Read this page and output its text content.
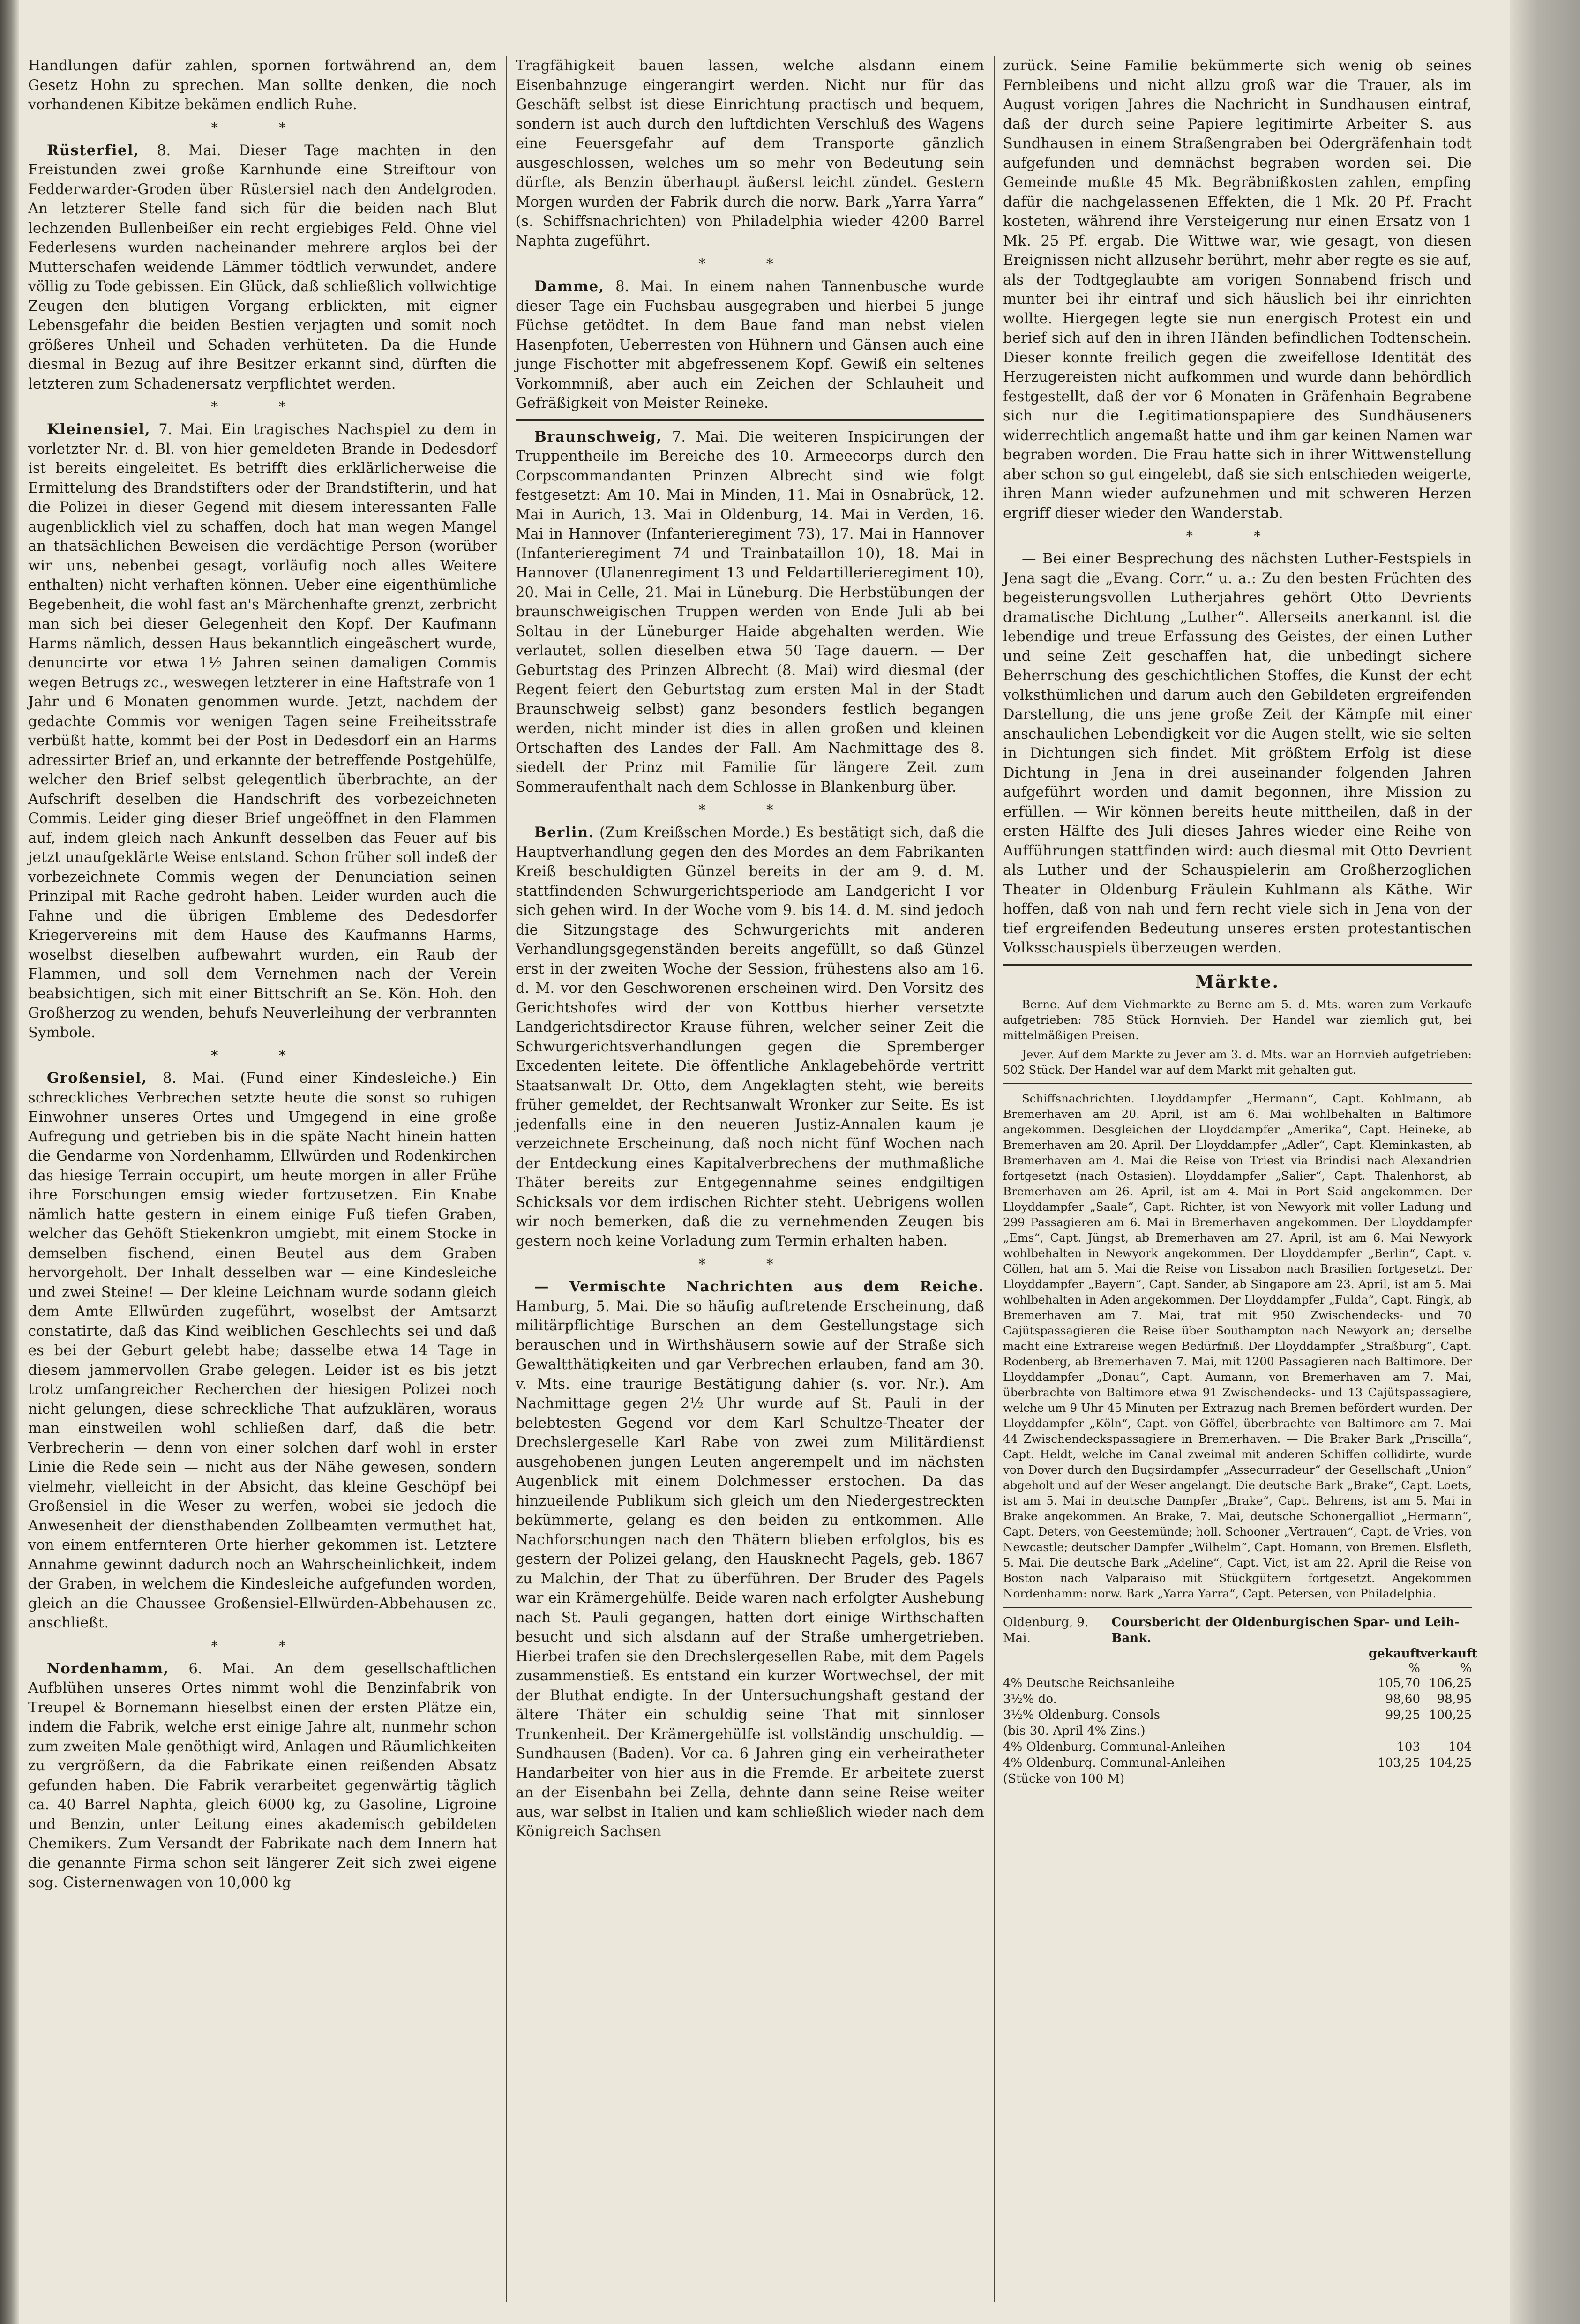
Handlungen dafür zahlen, spornen fortwährend an, dem Gesetz Hohn zu sprechen. Man sollte denken, die noch vorhandenen Kibitze bekämen endlich Ruhe.

* *

Rüsterfiel, 8. Mai. Dieser Tage machten in den Freistunden zwei große Karnhunde eine Streiftour von Fedderwarder-Groden über Rüstersiel nach den Andelgroden. An letzterer Stelle fand sich für die beiden nach Blut lechzenden Bullenbeißer ein recht ergiebiges Feld. Ohne viel Federlesens wurden nacheinander mehrere arglos bei der Mutterschafen weidende Lämmer tödtlich verwundet, andere völlig zu Tode gebissen. Ein Glück, daß schließlich vollwichtige Zeugen den blutigen Vorgang erblickten, mit eigner Lebensgefahr die beiden Bestien verjagten und somit noch größeres Unheil und Schaden verhüteten. Da die Hunde diesmal in Bezug auf ihre Besitzer erkannt sind, dürften die letzteren zum Schadenersatz verpflichtet werden.

* *

Kleinensiel, 7. Mai. Ein tragisches Nachspiel zu dem in vorletzter Nr. d. Bl. von hier gemeldeten Brande in Dedesdorf ist bereits eingeleitet. Es betrifft dies erklärlicherweise die Ermittelung des Brandstifters oder der Brandstifterin, und hat die Polizei in dieser Gegend mit diesem interessanten Falle augenblicklich viel zu schaffen, doch hat man wegen Mangel an thatsächlichen Beweisen die verdächtige Person (worüber wir uns, nebenbei gesagt, vorläufig noch alles Weitere enthalten) nicht verhaften können. Ueber eine eigenthümliche Begebenheit, die wohl fast an's Märchenhafte grenzt, zerbricht man sich bei dieser Gelegenheit den Kopf. Der Kaufmann Harms nämlich, dessen Haus bekanntlich eingeäschert wurde, denuncirte vor etwa 1½ Jahren seinen damaligen Commis wegen Betrugs zc., weswegen letzterer in eine Haftstrafe von 1 Jahr und 6 Monaten genommen wurde. Jetzt, nachdem der gedachte Commis vor wenigen Tagen seine Freiheitsstrafe verbüßt hatte, kommt bei der Post in Dedesdorf ein an Harms adressirter Brief an, und erkannte der betreffende Postgehülfe, welcher den Brief selbst gelegentlich überbrachte, an der Aufschrift deselben die Handschrift des vorbezeichneten Commis. Leider ging dieser Brief ungeöffnet in den Flammen auf, indem gleich nach Ankunft desselben das Feuer auf bis jetzt unaufgeklärte Weise entstand. Schon früher soll indeß der vorbezeichnete Commis wegen der Denunciation seinen Prinzipal mit Rache gedroht haben. Leider wurden auch die Fahne und die übrigen Embleme des Dedesdorfer Kriegervereins mit dem Hause des Kaufmanns Harms, woselbst dieselben aufbewahrt wurden, ein Raub der Flammen, und soll dem Vernehmen nach der Verein beabsichtigen, sich mit einer Bittschrift an Se. Kön. Hoh. den Großherzog zu wenden, behufs Neuverleihung der verbrannten Symbole.

* *

Großensiel, 8. Mai. (Fund einer Kindesleiche.) Ein schreckliches Verbrechen setzte heute die sonst so ruhigen Einwohner unseres Ortes und Umgegend in eine große Aufregung und getrieben bis in die späte Nacht hinein hatten die Gendarme von Nordenhamm, Ellwürden und Rodenkirchen das hiesige Terrain occupirt, um heute morgen in aller Frühe ihre Forschungen emsig wieder fortzusetzen. Ein Knabe nämlich hatte gestern in einem einige Fuß tiefen Graben, welcher das Gehöft Stiekenkron umgiebt, mit einem Stocke in demselben fischend, einen Beutel aus dem Graben hervorgeholt. Der Inhalt desselben war — eine Kindesleiche und zwei Steine! — Der kleine Leichnam wurde sodann gleich dem Amte Ellwürden zugeführt, woselbst der Amtsarzt constatirte, daß das Kind weiblichen Geschlechts sei und daß es bei der Geburt gelebt habe; dasselbe etwa 14 Tage in diesem jammervollen Grabe gelegen. Leider ist es bis jetzt trotz umfangreicher Recherchen der hiesigen Polizei noch nicht gelungen, diese schreckliche That aufzuklären, woraus man einstweilen wohl schließen darf, daß die betr. Verbrecherin — denn von einer solchen darf wohl in erster Linie die Rede sein — nicht aus der Nähe gewesen, sondern vielmehr, vielleicht in der Absicht, das kleine Geschöpf bei Großensiel in die Weser zu werfen, wobei sie jedoch die Anwesenheit der diensthabenden Zollbeamten vermuthet hat, von einem entfernteren Orte hierher gekommen ist. Letztere Annahme gewinnt dadurch noch an Wahrscheinlichkeit, indem der Graben, in welchem die Kindesleiche aufgefunden worden, gleich an die Chaussee Großensiel-Ellwürden-Abbehausen zc. anschließt.

* *

Nordenhamm, 6. Mai. An dem gesellschaftlichen Aufblühen unseres Ortes nimmt wohl die Benzinfabrik von Treupel & Bornemann hieselbst einen der ersten Plätze ein, indem die Fabrik, welche erst einige Jahre alt, nunmehr schon zum zweiten Male genöthigt wird, Anlagen und Räumlichkeiten zu vergrößern, da die Fabrikate einen reißenden Absatz gefunden haben. Die Fabrik verarbeitet gegenwärtig täglich ca. 40 Barrel Naphta, gleich 6000 kg, zu Gasoline, Ligroine und Benzin, unter Leitung eines akademisch gebildeten Chemikers. Zum Versandt der Fabrikate nach dem Innern hat die genannte Firma schon seit längerer Zeit sich zwei eigene sog. Cisternenwagen von 10,000 kg

Tragfähigkeit bauen lassen, welche alsdann einem Eisenbahnzuge eingerangirt werden. Nicht nur für das Geschäft selbst ist diese Einrichtung practisch und bequem, sondern ist auch durch den luftdichten Verschluß des Wagens eine Feuersgefahr auf dem Transporte gänzlich ausgeschlossen, welches um so mehr von Bedeutung sein dürfte, als Benzin überhaupt äußerst leicht zündet. Gestern Morgen wurden der Fabrik durch die norw. Bark „Yarra Yarra“ (s. Schiffsnachrichten) von Philadelphia wieder 4200 Barrel Naphta zugeführt.

* *

Damme, 8. Mai. In einem nahen Tannenbusche wurde dieser Tage ein Fuchsbau ausgegraben und hierbei 5 junge Füchse getödtet. In dem Baue fand man nebst vielen Hasenpfoten, Ueberresten von Hühnern und Gänsen auch eine junge Fischotter mit abgefressenem Kopf. Gewiß ein seltenes Vorkommniß, aber auch ein Zeichen der Schlauheit und Gefräßigkeit von Meister Reineke.

Braunschweig, 7. Mai. Die weiteren Inspicirungen der Truppentheile im Bereiche des 10. Armeecorps durch den Corpscommandanten Prinzen Albrecht sind wie folgt festgesetzt: Am 10. Mai in Minden, 11. Mai in Osnabrück, 12. Mai in Aurich, 13. Mai in Oldenburg, 14. Mai in Verden, 16. Mai in Hannover (Infanterieregiment 73), 17. Mai in Hannover (Infanterieregiment 74 und Trainbataillon 10), 18. Mai in Hannover (Ulanenregiment 13 und Feldartillerieregiment 10), 20. Mai in Celle, 21. Mai in Lüneburg. Die Herbstübungen der braunschweigischen Truppen werden von Ende Juli ab bei Soltau in der Lüneburger Haide abgehalten werden. Wie verlautet, sollen dieselben etwa 50 Tage dauern. — Der Geburtstag des Prinzen Albrecht (8. Mai) wird diesmal (der Regent feiert den Geburtstag zum ersten Mal in der Stadt Braunschweig selbst) ganz besonders festlich begangen werden, nicht minder ist dies in allen großen und kleinen Ortschaften des Landes der Fall. Am Nachmittage des 8. siedelt der Prinz mit Familie für längere Zeit zum Sommeraufenthalt nach dem Schlosse in Blankenburg über.

* *

Berlin. (Zum Kreißschen Morde.) Es bestätigt sich, daß die Hauptverhandlung gegen den des Mordes an dem Fabrikanten Kreiß beschuldigten Günzel bereits in der am 9. d. M. stattfindenden Schwurgerichtsperiode am Landgericht I vor sich gehen wird. In der Woche vom 9. bis 14. d. M. sind jedoch die Sitzungstage des Schwurgerichts mit anderen Verhandlungsgegenständen bereits angefüllt, so daß Günzel erst in der zweiten Woche der Session, frühestens also am 16. d. M. vor den Geschworenen erscheinen wird. Den Vorsitz des Gerichtshofes wird der von Kottbus hierher versetzte Landgerichtsdirector Krause führen, welcher seiner Zeit die Schwurgerichtsverhandlungen gegen die Spremberger Excedenten leitete. Die öffentliche Anklagebehörde vertritt Staatsanwalt Dr. Otto, dem Angeklagten steht, wie bereits früher gemeldet, der Rechtsanwalt Wronker zur Seite. Es ist jedenfalls eine in den neueren Justiz-Annalen kaum je verzeichnete Erscheinung, daß noch nicht fünf Wochen nach der Entdeckung eines Kapitalverbrechens der muthmaßliche Thäter bereits zur Entgegennahme seines endgiltigen Schicksals vor dem irdischen Richter steht. Uebrigens wollen wir noch bemerken, daß die zu vernehmenden Zeugen bis gestern noch keine Vorladung zum Termin erhalten haben.

* *

— Vermischte Nachrichten aus dem Reiche. Hamburg, 5. Mai. Die so häufig auftretende Erscheinung, daß militärpflichtige Burschen an dem Gestellungstage sich berauschen und in Wirthshäusern sowie auf der Straße sich Gewaltthätigkeiten und gar Verbrechen erlauben, fand am 30. v. Mts. eine traurige Bestätigung dahier (s. vor. Nr.). Am Nachmittage gegen 2½ Uhr wurde auf St. Pauli in der belebtesten Gegend vor dem Karl Schultze-Theater der Drechslergeselle Karl Rabe von zwei zum Militärdienst ausgehobenen jungen Leuten angerempelt und im nächsten Augenblick mit einem Dolchmesser erstochen. Da das hinzueilende Publikum sich gleich um den Niedergestreckten bekümmerte, gelang es den beiden zu entkommen. Alle Nachforschungen nach den Thätern blieben erfolglos, bis es gestern der Polizei gelang, den Hausknecht Pagels, geb. 1867 zu Malchin, der That zu überführen. Der Bruder des Pagels war ein Krämergehülfe. Beide waren nach erfolgter Aushebung nach St. Pauli gegangen, hatten dort einige Wirthschaften besucht und sich alsdann auf der Straße umhergetrieben. Hierbei trafen sie den Drechslergesellen Rabe, mit dem Pagels zusammenstieß. Es entstand ein kurzer Wortwechsel, der mit der Bluthat endigte. In der Untersuchungshaft gestand der ältere Thäter ein schuldig seine That mit sinnloser Trunkenheit. Der Krämergehülfe ist vollständig unschuldig. — Sundhausen (Baden). Vor ca. 6 Jahren ging ein verheiratheter Handarbeiter von hier aus in die Fremde. Er arbeitete zuerst an der Eisenbahn bei Zella, dehnte dann seine Reise weiter aus, war selbst in Italien und kam schließlich wieder nach dem Königreich Sachsen

zurück. Seine Familie bekümmerte sich wenig ob seines Fernbleibens und nicht allzu groß war die Trauer, als im August vorigen Jahres die Nachricht in Sundhausen eintraf, daß der durch seine Papiere legitimirte Arbeiter S. aus Sundhausen in einem Straßengraben bei Odergräfenhain todt aufgefunden und demnächst begraben worden sei. Die Gemeinde mußte 45 Mk. Begräbnißkosten zahlen, empfing dafür die nachgelassenen Effekten, die 1 Mk. 20 Pf. Fracht kosteten, während ihre Versteigerung nur einen Ersatz von 1 Mk. 25 Pf. ergab. Die Wittwe war, wie gesagt, von diesen Ereignissen nicht allzusehr berührt, mehr aber regte es sie auf, als der Todtgeglaubte am vorigen Sonnabend frisch und munter bei ihr eintraf und sich häuslich bei ihr einrichten wollte. Hiergegen legte sie nun energisch Protest ein und berief sich auf den in ihren Händen befindlichen Todtenschein. Dieser konnte freilich gegen die zweifellose Identität des Herzugereisten nicht aufkommen und wurde dann behördlich festgestellt, daß der vor 6 Monaten in Gräfenhain Begrabene sich nur die Legitimationspapiere des Sundhäuseners widerrechtlich angemaßt hatte und ihm gar keinen Namen war begraben worden. Die Frau hatte sich in ihrer Wittwenstellung aber schon so gut eingelebt, daß sie sich entschieden weigerte, ihren Mann wieder aufzunehmen und mit schweren Herzen ergriff dieser wieder den Wanderstab.

* *

— Bei einer Besprechung des nächsten Luther-Festspiels in Jena sagt die „Evang. Corr.“ u. a.: Zu den besten Früchten des begeisterungsvollen Lutherjahres gehört Otto Devrients dramatische Dichtung „Luther“. Allerseits anerkannt ist die lebendige und treue Erfassung des Geistes, der einen Luther und seine Zeit geschaffen hat, die unbedingt sichere Beherrschung des geschichtlichen Stoffes, die Kunst der echt volksthümlichen und darum auch den Gebildeten ergreifenden Darstellung, die uns jene große Zeit der Kämpfe mit einer anschaulichen Lebendigkeit vor die Augen stellt, wie sie selten in Dichtungen sich findet. Mit größtem Erfolg ist diese Dichtung in Jena in drei auseinander folgenden Jahren aufgeführt worden und damit begonnen, ihre Mission zu erfüllen. — Wir können bereits heute mittheilen, daß in der ersten Hälfte des Juli dieses Jahres wieder eine Reihe von Aufführungen stattfinden wird: auch diesmal mit Otto Devrient als Luther und der Schauspielerin am Großherzoglichen Theater in Oldenburg Fräulein Kuhlmann als Käthe. Wir hoffen, daß von nah und fern recht viele sich in Jena von der tief ergreifenden Bedeutung unseres ersten protestantischen Volksschauspiels überzeugen werden.

Märkte.

Berne. Auf dem Viehmarkte zu Berne am 5. d. Mts. waren zum Verkaufe aufgetrieben: 785 Stück Hornvieh. Der Handel war ziemlich gut, bei mittelmäßigen Preisen.

Jever. Auf dem Markte zu Jever am 3. d. Mts. war an Hornvieh aufgetrieben: 502 Stück. Der Handel war auf dem Markt mit gehalten gut.

Schiffsnachrichten. Lloyddampfer „Hermann“, Capt. Kohlmann, ab Bremerhaven am 20. April, ist am 6. Mai wohlbehalten in Baltimore angekommen. Desgleichen der Lloyddampfer „Amerika“, Capt. Heineke, ab Bremerhaven am 20. April. Der Lloyddampfer „Adler“, Capt. Kleminkasten, ab Bremerhaven am 4. Mai die Reise von Triest via Brindisi nach Alexandrien fortgesetzt (nach Ostasien). Lloyddampfer „Salier“, Capt. Thalenhorst, ab Bremerhaven am 26. April, ist am 4. Mai in Port Said angekommen. Der Lloyddampfer „Saale“, Capt. Richter, ist von Newyork mit voller Ladung und 299 Passagieren am 6. Mai in Bremerhaven angekommen. Der Lloyddampfer „Ems“, Capt. Jüngst, ab Bremerhaven am 27. April, ist am 6. Mai Newyork wohlbehalten in Newyork angekommen. Der Lloyddampfer „Berlin“, Capt. v. Cöllen, hat am 5. Mai die Reise von Lissabon nach Brasilien fortgesetzt. Der Lloyddampfer „Bayern“, Capt. Sander, ab Singapore am 23. April, ist am 5. Mai wohlbehalten in Aden angekommen. Der Lloyddampfer „Fulda“, Capt. Ringk, ab Bremerhaven am 7. Mai, trat mit 950 Zwischendecks- und 70 Cajütspassagieren die Reise über Southampton nach Newyork an; derselbe macht eine Extrareise wegen Bedürfniß. Der Lloyddampfer „Straßburg“, Capt. Rodenberg, ab Bremerhaven 7. Mai, mit 1200 Passagieren nach Baltimore. Der Lloyddampfer „Donau“, Capt. Aumann, von Bremerhaven am 7. Mai, überbrachte von Baltimore etwa 91 Zwischendecks- und 13 Cajütspassagiere, welche um 9 Uhr 45 Minuten per Extrazug nach Bremen befördert wurden. Der Lloyddampfer „Köln“, Capt. von Göffel, überbrachte von Baltimore am 7. Mai 44 Zwischendeckspassagiere in Bremerhaven. — Die Braker Bark „Priscilla“, Capt. Heldt, welche im Canal zweimal mit anderen Schiffen collidirte, wurde von Dover durch den Bugsirdampfer „Assecurradeur“ der Gesellschaft „Union“ abgeholt und auf der Weser angelangt. Die deutsche Bark „Brake“, Capt. Loets, ist am 5. Mai in deutsche Dampfer „Brake“, Capt. Behrens, ist am 5. Mai in Brake angekommen. An Brake, 7. Mai, deutsche Schonergalliot „Hermann“, Capt. Deters, von Geestemünde; holl. Schooner „Vertrauen“, Capt. de Vries, von Newcastle; deutscher Dampfer „Wilhelm“, Capt. Homann, von Bremen. Elsfleth, 5. Mai. Die deutsche Bark „Adeline“, Capt. Vict, ist am 22. April die Reise von Boston nach Valparaiso mit Stückgütern fortgesetzt. Angekommen Nordenhamm: norw. Bark „Yarra Yarra“, Capt. Petersen, von Philadelphia.

Oldenburg, 9. Mai.
Coursbericht der Oldenburgischen Spar- und Leih-Bank.
gekauft
verkauft
%	%
4% Deutsche Reichsanleihe	105,70 106,25
3½% do.	98,60	98,95
3½% Oldenburg. Consols	99,25 100,25
(bis 30. April 4% Zins.)
4% Oldenburg. Communal-Anleihen	103	104
4% Oldenburg. Communal-Anleihen	103,25 104,25
(Stücke von 100 M)
